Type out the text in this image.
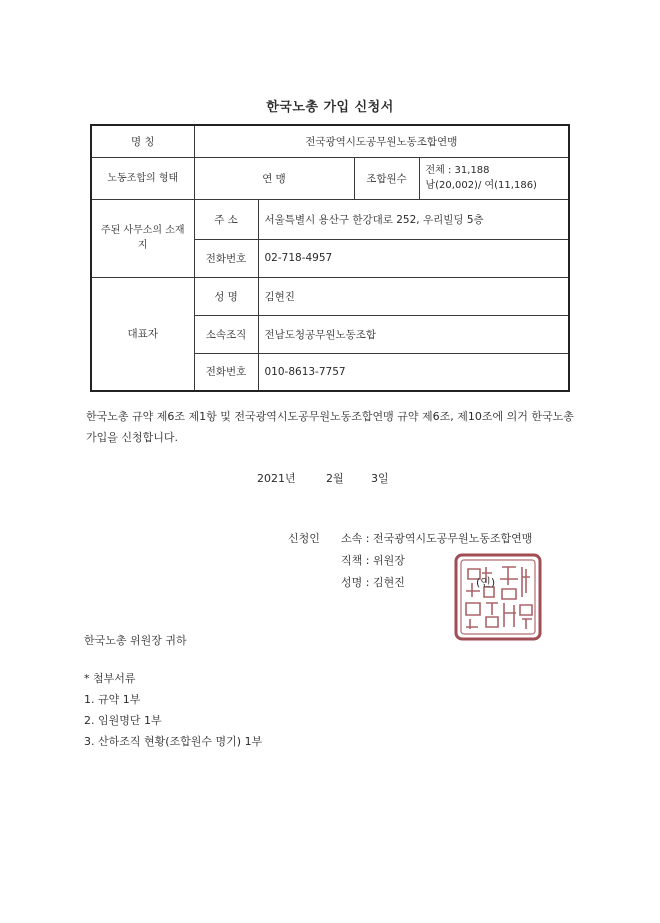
한국노총 가입 신청서
명 칭	전국광역시도공무원노동조합연맹			
노동조합의 형태	연 맹		조합원수	전체 : 31,188
남(20,002)/ 여(11,186)

주된 사무소의 소재지	주 소	서울특별시 용산구 한강대로 252, 우리빌딩 5층		
	전화번호	02-718-4957		
대표자	성 명	김현진		
	소속조직	전남도청공무원노동조합		
	전화번호	010-8613-7757		
한국노총 규약 제6조 제1항 및 전국광역시도공무원노동조합연맹 규약 제6조, 제10조에 의거 한국노총 가입을 신청합니다.
2021년	2월 3일
신청인 소속 : 전국광역시도공무원노동조합연맹
직책 : 위원장
성명 : 김현진	(인)
한국노총 위원장 귀하
* 첨부서류
1. 규약 1부
2. 임원명단 1부
3. 산하조직 현황(조합원수 명기) 1부
